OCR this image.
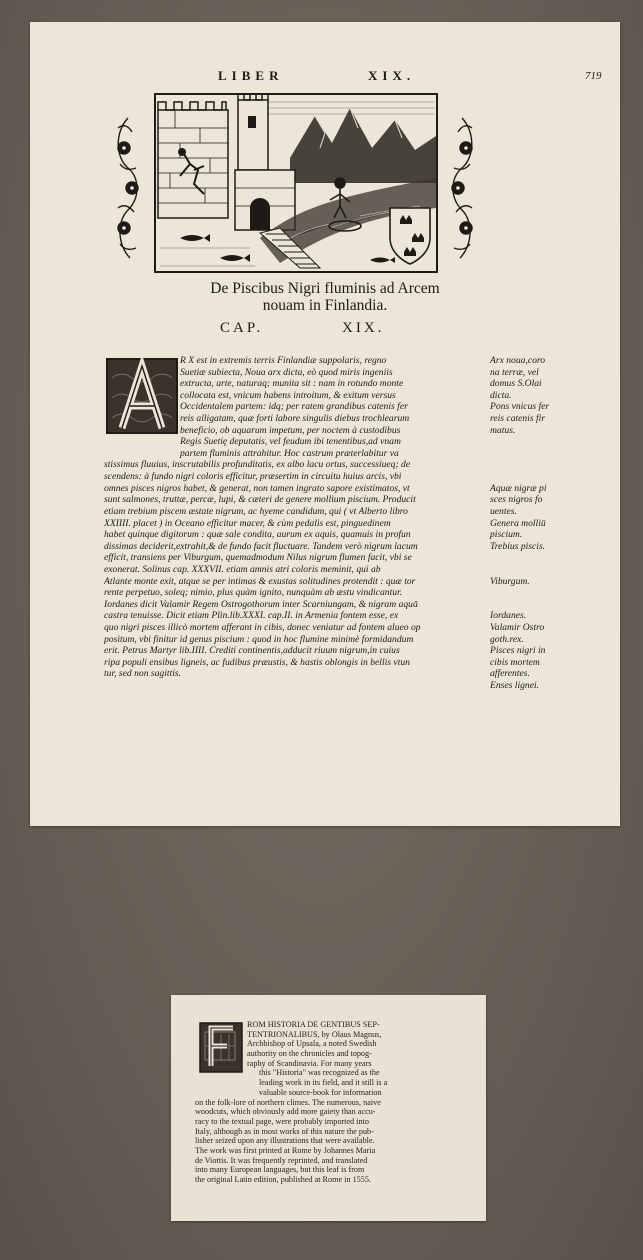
LIBER	XIX.	719
De Piscibus Nigri fluminis ad Arcem
nouam in Finlandia.
CAP.	XIX.
R X est in extremis terris Finlandiæ suppolaris, regno
Suetiæ subiecta, Noua arx dicta, eò quod miris ingeniis
extructa, arte, naturaq; munita sit : nam in rotundo monte
collocata est, vnicum habens introitum, & exitum versus
Occidentalem partem: idq; per ratem grandibus catenis fer
reis alligatam, quæ forti labore singulis diebus trochlearum
beneficio, ob aquarum impetum, per noctem à custodibus
Regis Suetię deputatis, vel feudum ibi tenentibus,ad vnam
partem fluminis attrahitur. Hoc castrum præterlabitur va
stissimus fluuius, inscrutabilis profunditatis, ex albo lacu ortus, successiueq; de
scendens: à fundo nigri coloris efficitur, præsertim in circuitu huius arcis, vbi
omnes pisces nigros habet, & generat, non tamen ingrato sapore existimatos, vt
sunt salmones, truttæ, percæ, lupi, & cæteri de genere mollium piscium. Producit
etiam trebium piscem æstate nigrum, ac hyeme candidum, qui ( vt Alberto libro
XXIIII. placet ) in Oceano efficitur macer, & cùm pedalis est, pinguedinem
habet quinque digitorum : quæ sale condita, aurum ex aquis, quamuis in profun
dissimas deciderit,extrahit,& de fundo facit fluctuare. Tandem verò nigrum lacum
efficit, transiens per Viburgum, quemadmodum Nilus nigrum flumen facit, vbi se
exonerat. Solinus cap. XXXVII. etiam amnis atri coloris meminit, qui ab
Atlante monte exit, atque se per intimas & exustas solitudines protendit : quæ tor
rente perpetuo, soleq; nimio, plus quàm ignito, nunquàm ab æstu vindicantur.
Iordanes dicit Valamir Regem Ostrogothorum inter Scarniungam, & nigram aquā
castra tenuisse. Dicit etiam Plin.lib.XXXI. cap.II. in Armenia fontem esse, ex
quo nigri pisces illicò mortem afferant in cibis, donec veniatur ad fontem alueo op
positum, vbi finitur id genus piscium : quod in hoc flumine minimè formidandum
erit. Petrus Martyr lib.IIII. Crediti continentis,adducit riuum nigrum,in cuius
ripa populi ensibus ligneis, ac fudibus præustis, & hastis oblongis in bellis vtun
tur, sed non sagittis.
Arx noua,coro
na terræ, vel
domus S.Olai
dicta.
Pons vnicus fer
reis catenis fir
matus.
Aquæ nigræ pi
sces nigros fo
uentes.
Genera molliū
piscium.
Trebius piscis.
Viburgum.
Iordanes.
Valamir Ostro
goth.rex.
Pisces nigri in
cibis mortem
afferentes.
Enses lignei.
ROM HISTORIA DE GENTIBUS SEP-
TENTRIONALIBUS, by Olaus Magnus,
Archbishop of Upsala, a noted Swedish
authority on the chronicles and topog-
raphy of Scandinavia. For many years
this "Historia" was recognized as the
leading work in its field, and it still is a
valuable source-book for information
on the folk-lore of northern climes. The numerous, naive
woodcuts, which obviously add more gaiety than accu-
racy to the textual page, were probably imported into
Italy, although as in most works of this nature the pub-
lisher seized upon any illustrations that were available.
The work was first printed at Rome by Johannes Maria
de Viottis. It was frequently reprinted, and translated
into many European languages, but this leaf is from
the original Latin edition, published at Rome in 1555.
